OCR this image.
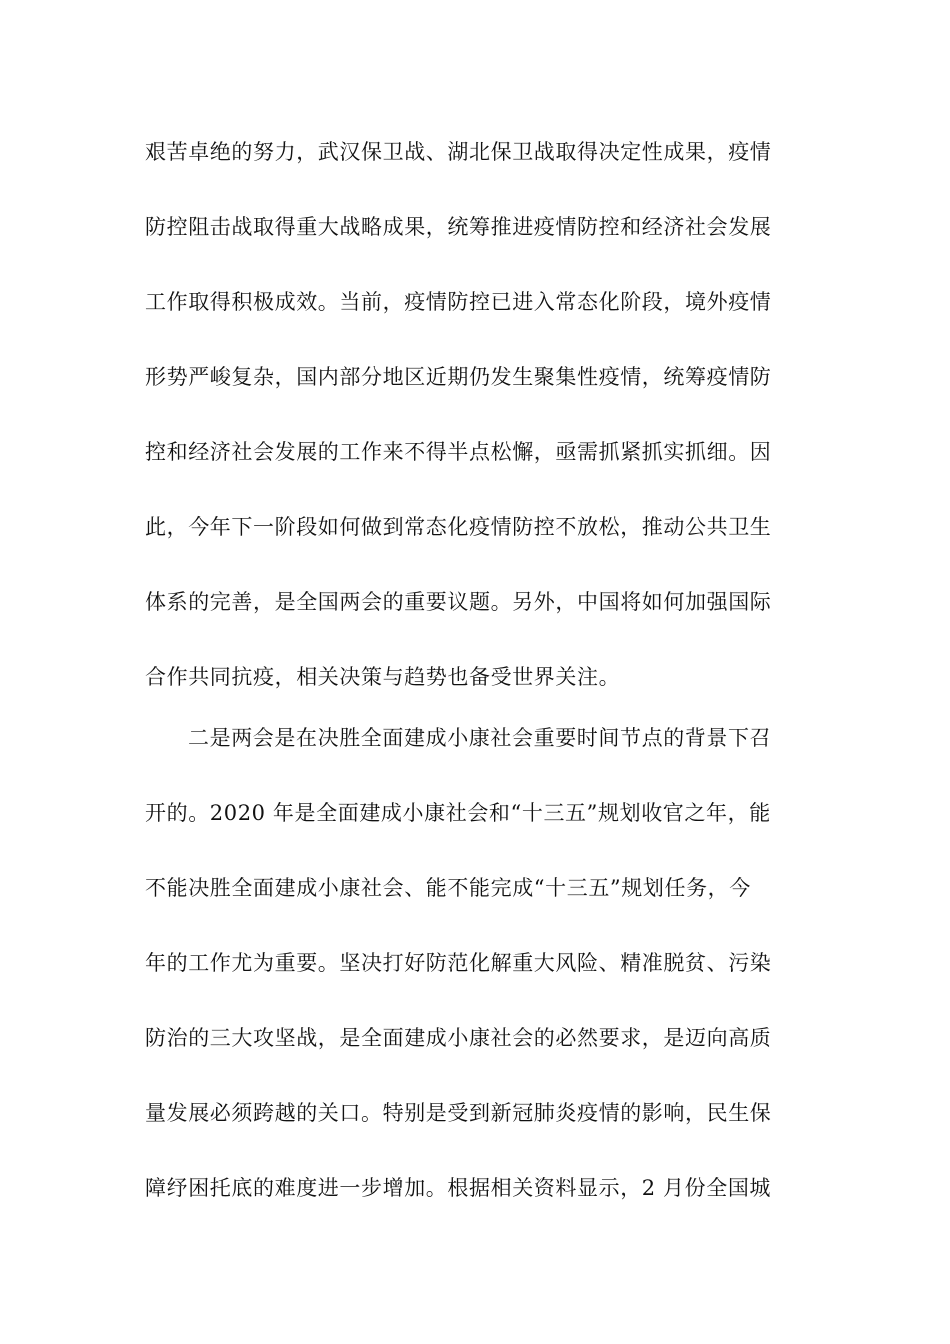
艰苦卓绝的努力，武汉保卫战、湖北保卫战取得决定性成果，疫情
防控阻击战取得重大战略成果，统筹推进疫情防控和经济社会发展
工作取得积极成效。当前，疫情防控已进入常态化阶段，境外疫情
形势严峻复杂，国内部分地区近期仍发生聚集性疫情，统筹疫情防
控和经济社会发展的工作来不得半点松懈，亟需抓紧抓实抓细。因
此，今年下一阶段如何做到常态化疫情防控不放松，推动公共卫生
体系的完善，是全国两会的重要议题。另外，中国将如何加强国际
合作共同抗疫，相关决策与趋势也备受世界关注。
二是两会是在决胜全面建成小康社会重要时间节点的背景下召
开的。2020 年是全面建成小康社会和“十三五”规划收官之年，能
不能决胜全面建成小康社会、能不能完成“十三五”规划任务，今
年的工作尤为重要。坚决打好防范化解重大风险、精准脱贫、污染
防治的三大攻坚战，是全面建成小康社会的必然要求，是迈向高质
量发展必须跨越的关口。特别是受到新冠肺炎疫情的影响，民生保
障纾困托底的难度进一步增加。根据相关资料显示，2 月份全国城
